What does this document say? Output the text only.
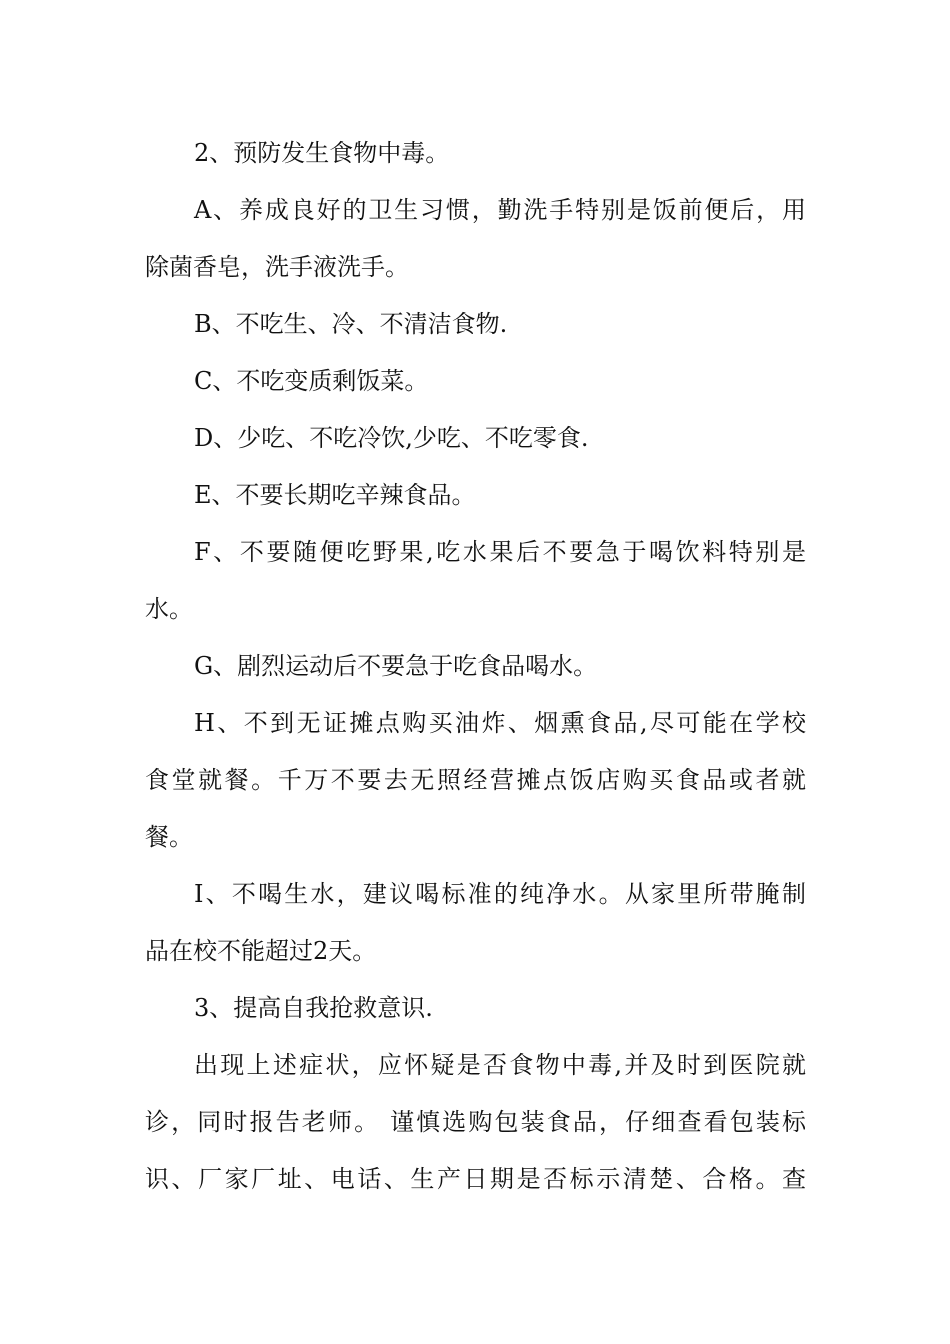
2、预防发生食物中毒。

A、养成良好的卫生习惯，勤洗手特别是饭前便后，用

除菌香皂，洗手液洗手。

B、不吃生、冷、不清洁食物.

C、不吃变质剩饭菜。

D、少吃、不吃冷饮,少吃、不吃零食.

E、不要长期吃辛辣食品。

F、不要随便吃野果,吃水果后不要急于喝饮料特别是

水。

G、剧烈运动后不要急于吃食品喝水。

H、不到无证摊点购买油炸、烟熏食品,尽可能在学校

食堂就餐。千万不要去无照经营摊点饭店购买食品或者就

餐。

I、不喝生水，建议喝标准的纯净水。从家里所带腌制

品在校不能超过2天。

3、提高自我抢救意识.

出现上述症状，应怀疑是否食物中毒,并及时到医院就

诊，同时报告老师。 谨慎选购包装食品，仔细查看包装标

识、厂家厂址、电话、生产日期是否标示清楚、合格。查
